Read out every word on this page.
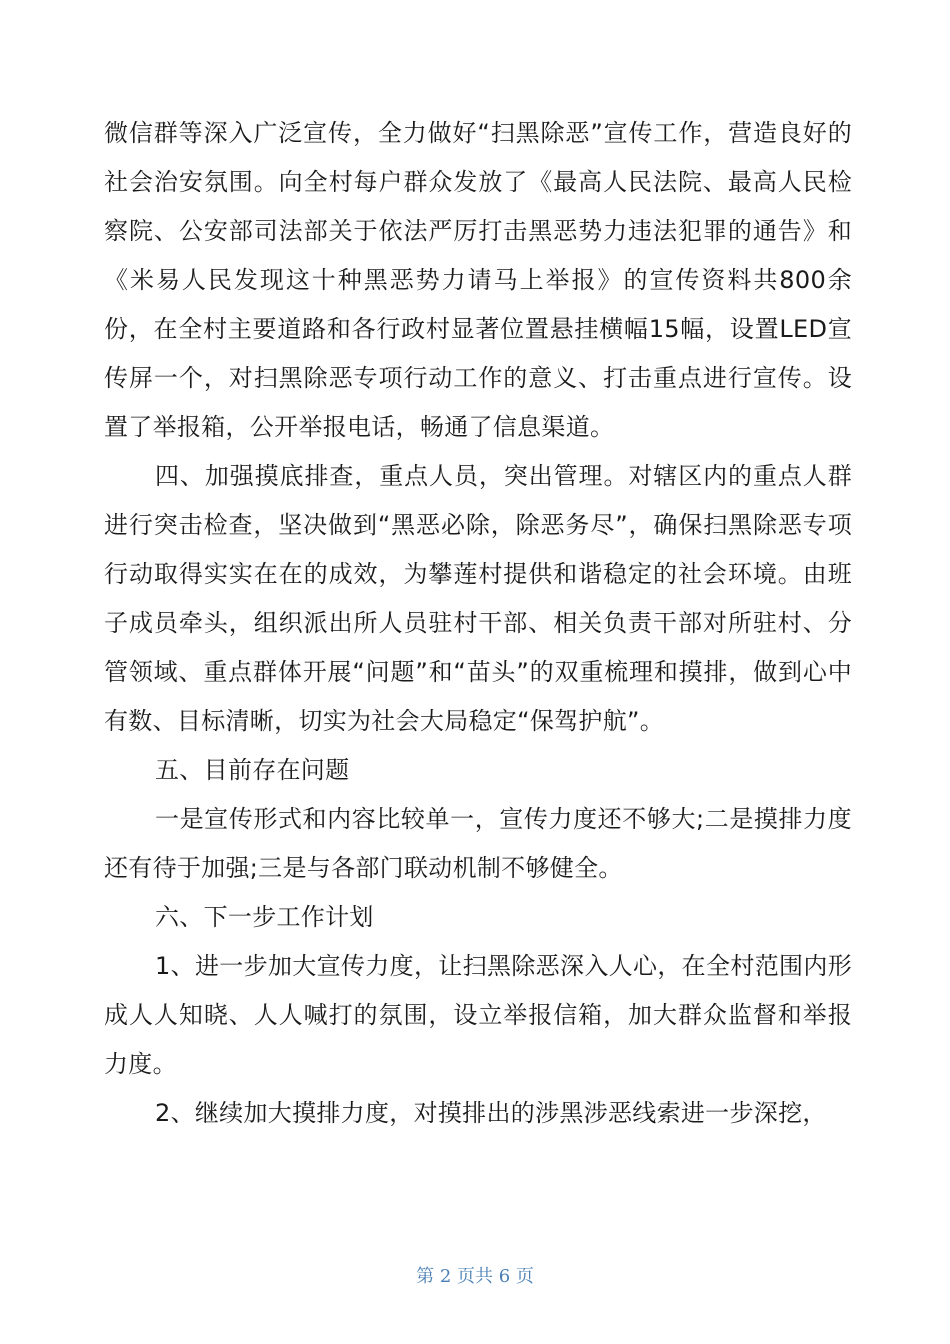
微信群等深入广泛宣传，全力做好“扫黑除恶”宣传工作，营造良好的社会治安氛围。向全村每户群众发放了《最高人民法院、最高人民检察院、公安部司法部关于依法严厉打击黑恶势力违法犯罪的通告》和《米易人民发现这十种黑恶势力请马上举报》的宣传资料共800余份，在全村主要道路和各行政村显著位置悬挂横幅15幅，设置LED宣传屏一个，对扫黑除恶专项行动工作的意义、打击重点进行宣传。设置了举报箱，公开举报电话，畅通了信息渠道。

四、加强摸底排查，重点人员，突出管理。对辖区内的重点人群进行突击检查，坚决做到“黑恶必除，除恶务尽”，确保扫黑除恶专项行动取得实实在在的成效，为攀莲村提供和谐稳定的社会环境。由班子成员牵头，组织派出所人员驻村干部、相关负责干部对所驻村、分管领域、重点群体开展“问题”和“苗头”的双重梳理和摸排，做到心中有数、目标清晰，切实为社会大局稳定“保驾护航”。

五、目前存在问题

一是宣传形式和内容比较单一，宣传力度还不够大;二是摸排力度还有待于加强;三是与各部门联动机制不够健全。

六、下一步工作计划

1、进一步加大宣传力度，让扫黑除恶深入人心，在全村范围内形成人人知晓、人人喊打的氛围，设立举报信箱，加大群众监督和举报力度。

2、继续加大摸排力度，对摸排出的涉黑涉恶线索进一步深挖，

第 2 页共 6 页
